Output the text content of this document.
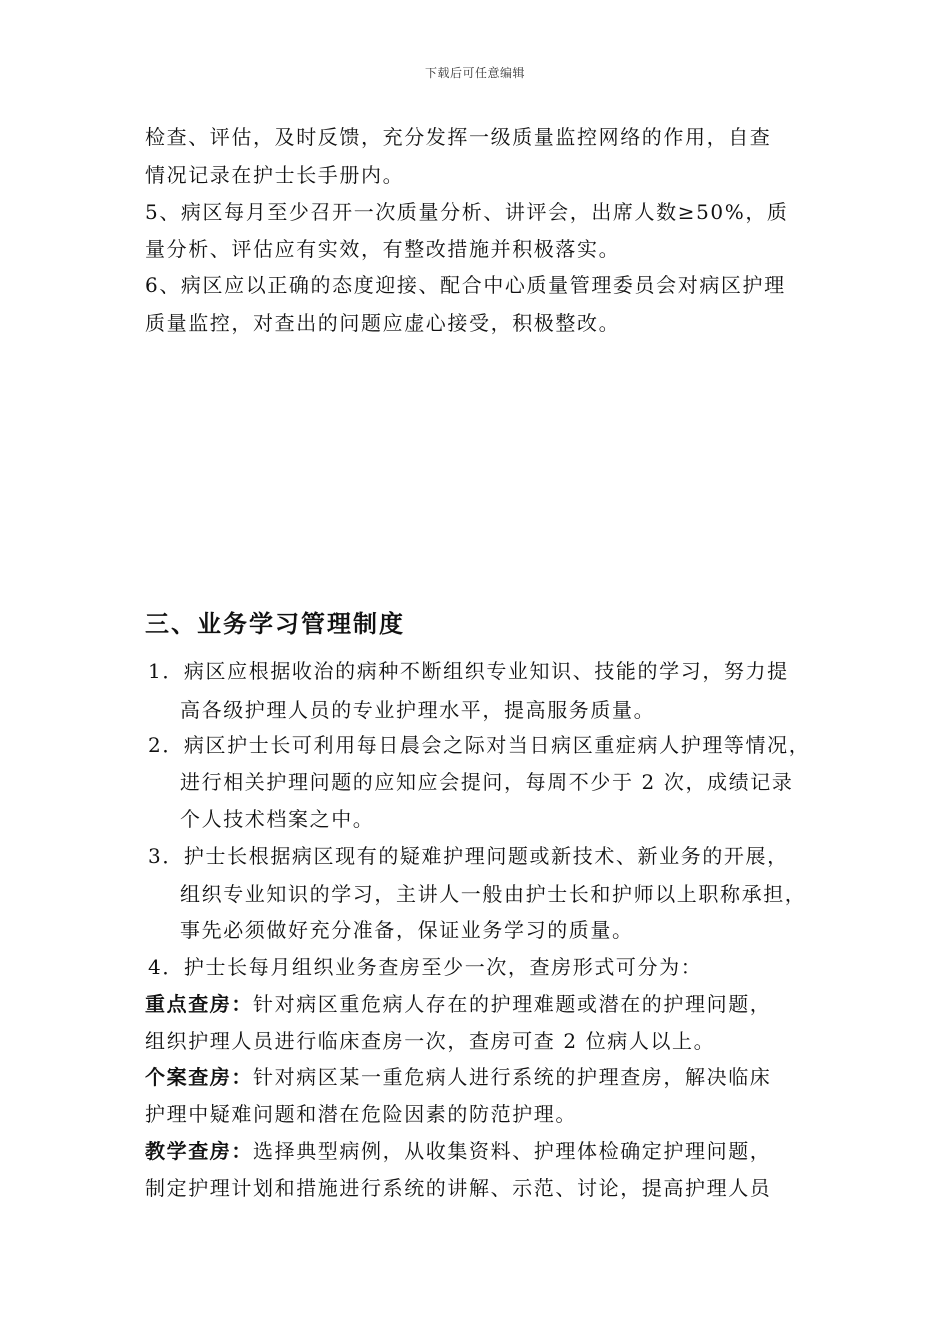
下载后可任意编辑
检查、评估，及时反馈，充分发挥一级质量监控网络的作用，自查
情况记录在护士长手册内。
5、病区每月至少召开一次质量分析、讲评会，出席人数≥50%，质
量分析、评估应有实效，有整改措施并积极落实。
6、病区应以正确的态度迎接、配合中心质量管理委员会对病区护理
质量监控，对查出的问题应虚心接受，积极整改。
三、业务学习管理制度
1．病区应根据收治的病种不断组织专业知识、技能的学习，努力提
高各级护理人员的专业护理水平，提高服务质量。
2．病区护士长可利用每日晨会之际对当日病区重症病人护理等情况，
进行相关护理问题的应知应会提问，每周不少于 2 次，成绩记录
个人技术档案之中。
3．护士长根据病区现有的疑难护理问题或新技术、新业务的开展，
组织专业知识的学习，主讲人一般由护士长和护师以上职称承担，
事先必须做好充分准备，保证业务学习的质量。
4．护士长每月组织业务查房至少一次，查房形式可分为：
重点查房：针对病区重危病人存在的护理难题或潜在的护理问题，
组织护理人员进行临床查房一次，查房可查 2 位病人以上。
个案查房：针对病区某一重危病人进行系统的护理查房，解决临床
护理中疑难问题和潜在危险因素的防范护理。
教学查房：选择典型病例，从收集资料、护理体检确定护理问题，
制定护理计划和措施进行系统的讲解、示范、讨论，提高护理人员
